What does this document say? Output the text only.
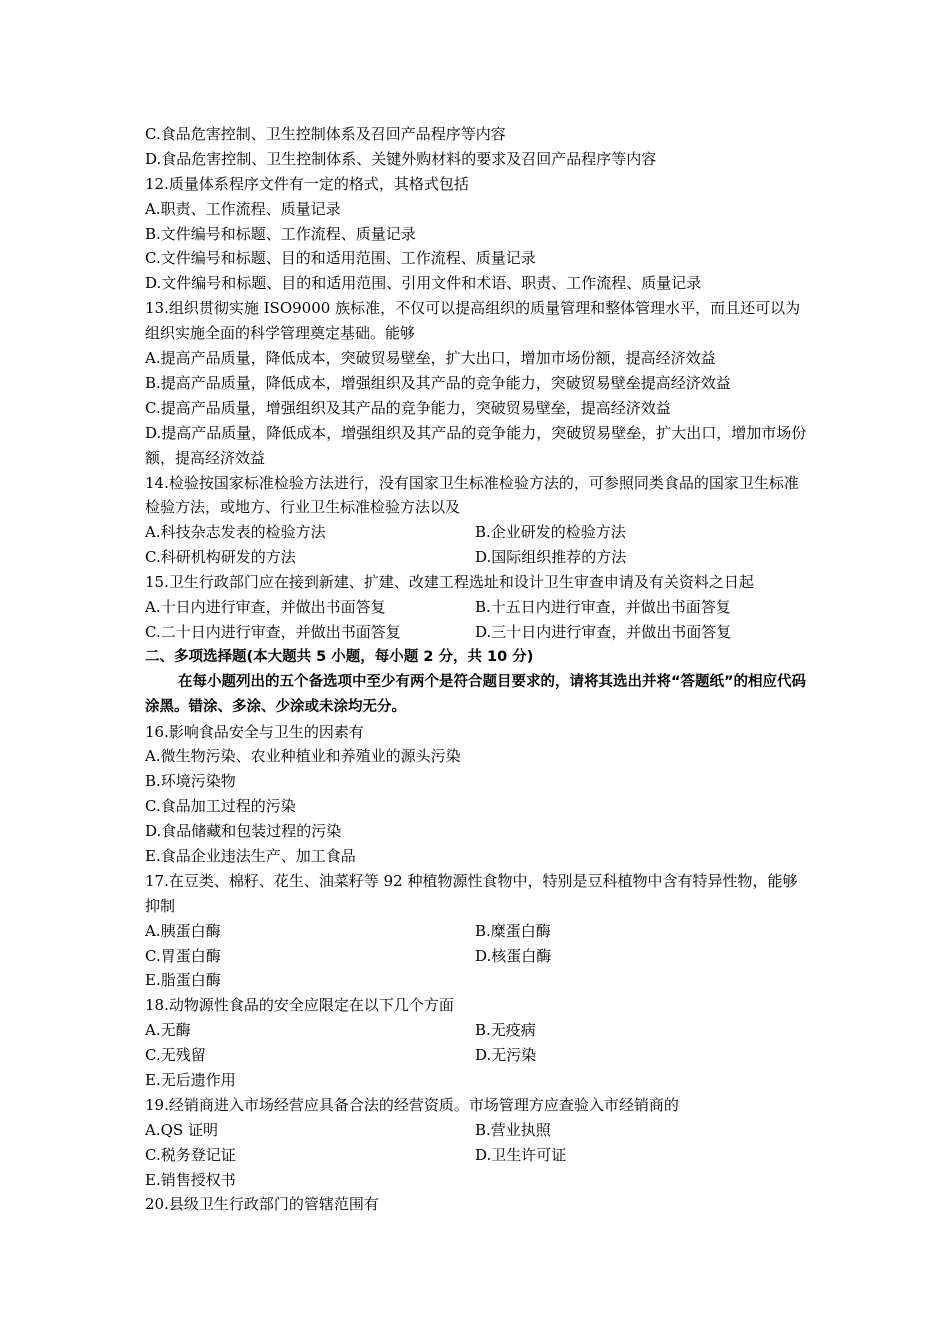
C.食品危害控制、卫生控制体系及召回产品程序等内容
D.食品危害控制、卫生控制体系、关键外购材料的要求及召回产品程序等内容
12.质量体系程序文件有一定的格式，其格式包括
A.职责、工作流程、质量记录
B.文件编号和标题、工作流程、质量记录
C.文件编号和标题、目的和适用范围、工作流程、质量记录
D.文件编号和标题、目的和适用范围、引用文件和术语、职责、工作流程、质量记录
13.组织贯彻实施 ISO9000 族标准，不仅可以提高组织的质量管理和整体管理水平，而且还可以为组织实施全面的科学管理奠定基础。能够
A.提高产品质量，降低成本，突破贸易壁垒，扩大出口，增加市场份额，提高经济效益
B.提高产品质量，降低成本，增强组织及其产品的竞争能力，突破贸易壁垒提高经济效益
C.提高产品质量，增强组织及其产品的竞争能力，突破贸易壁垒，提高经济效益
D.提高产品质量，降低成本，增强组织及其产品的竞争能力，突破贸易壁垒，扩大出口，增加市场份额，提高经济效益
14.检验按国家标准检验方法进行，没有国家卫生标准检验方法的，可参照同类食品的国家卫生标准检验方法，或地方、行业卫生标准检验方法以及
A.科技杂志发表的检验方法	B.企业研发的检验方法
C.科研机构研发的方法	D.国际组织推荐的方法
15.卫生行政部门应在接到新建、扩建、改建工程选址和设计卫生审查申请及有关资料之日起
A.十日内进行审查，并做出书面答复	B.十五日内进行审查，并做出书面答复
C.二十日内进行审查，并做出书面答复	D.三十日内进行审查，并做出书面答复
二、多项选择题(本大题共 5 小题，每小题 2 分，共 10 分)
在每小题列出的五个备选项中至少有两个是符合题目要求的，请将其选出并将“答题纸”的相应代码涂黑。错涂、多涂、少涂或未涂均无分。
16.影响食品安全与卫生的因素有
A.微生物污染、农业种植业和养殖业的源头污染
B.环境污染物
C.食品加工过程的污染
D.食品储藏和包装过程的污染
E.食品企业违法生产、加工食品
17.在豆类、棉籽、花生、油菜籽等 92 种植物源性食物中，特别是豆科植物中含有特异性物，能够抑制
A.胰蛋白酶	B.糜蛋白酶
C.胃蛋白酶	D.核蛋白酶
E.脂蛋白酶
18.动物源性食品的安全应限定在以下几个方面
A.无酶	B.无疫病
C.无残留	D.无污染
E.无后遗作用
19.经销商进入市场经营应具备合法的经营资质。市场管理方应查验入市经销商的
A.QS 证明	B.营业执照
C.税务登记证	D.卫生许可证
E.销售授权书
20.县级卫生行政部门的管辖范围有
